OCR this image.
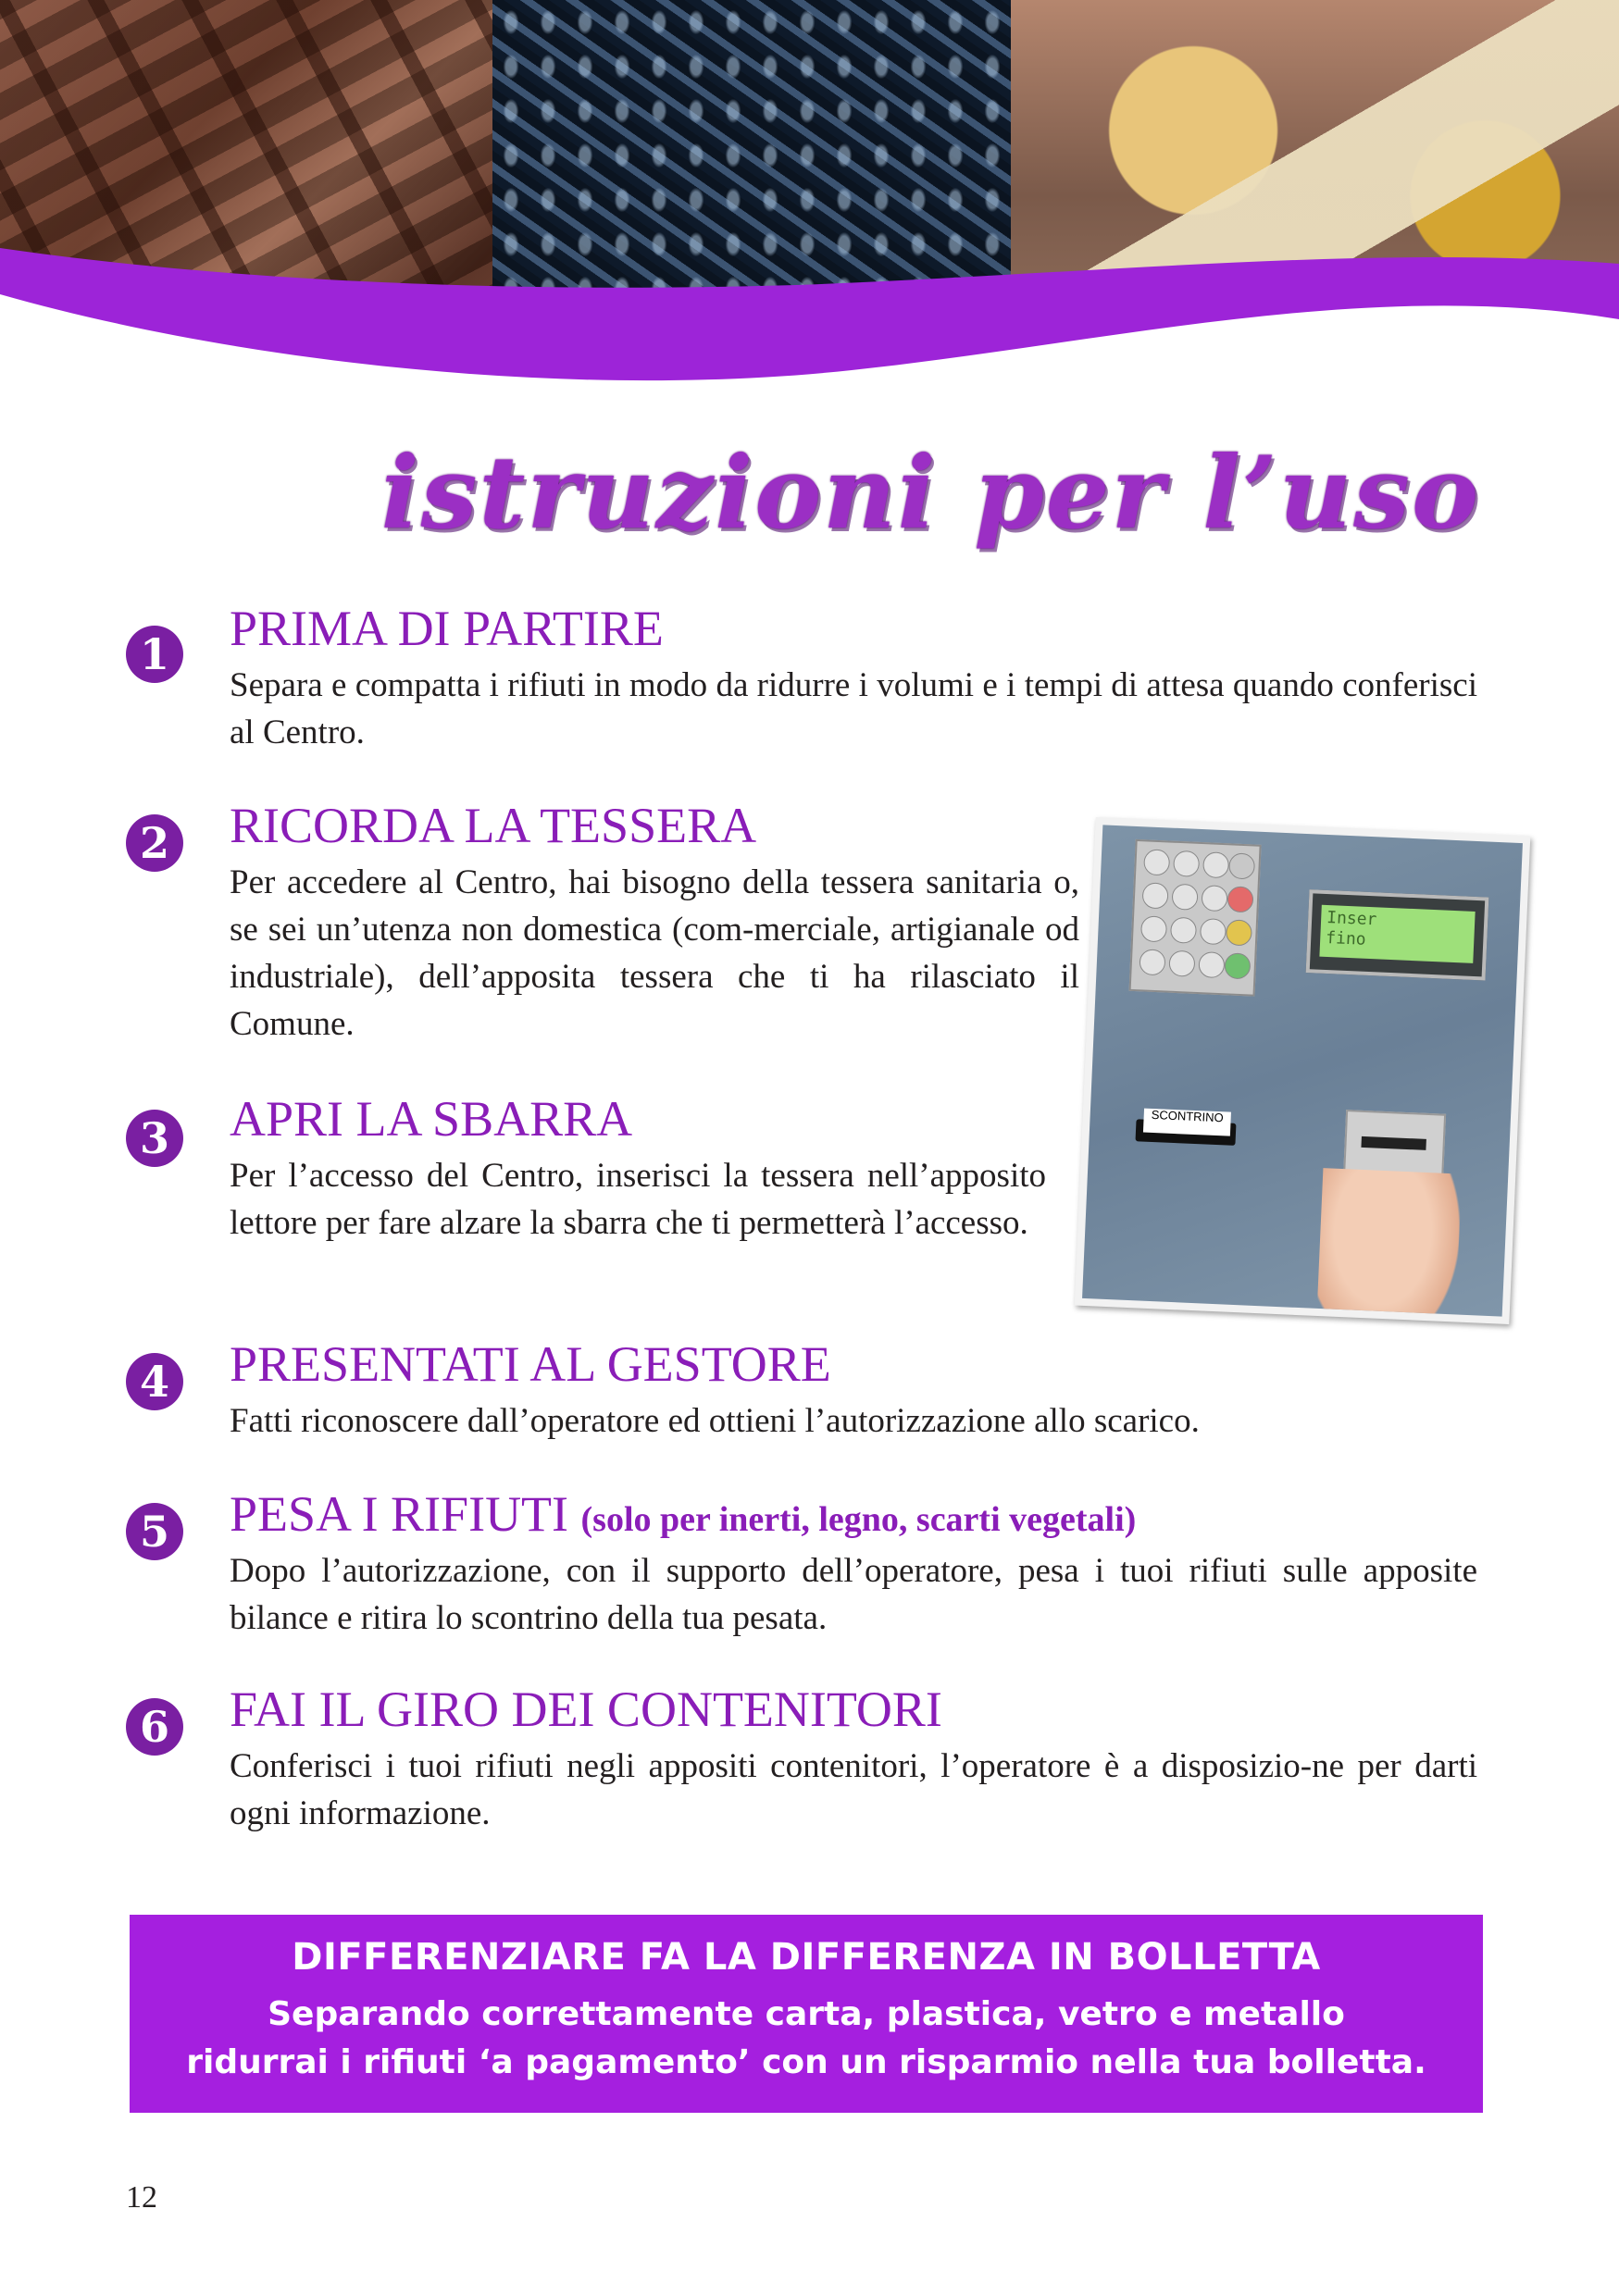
istruzioni per l’uso
1 PRIMA DI PARTIRE
Separa e compatta i rifiuti in modo da ridurre i volumi e i tempi di attesa quando conferisci al Centro.
2 RICORDA LA TESSERA
Per accedere al Centro, hai bisogno della tessera sanitaria o, se sei un’utenza non domestica (com-merciale, artigianale od industriale), dell’apposita tessera che ti ha rilasciato il Comune.
3 APRI LA SBARRA
Per l’accesso del Centro, inserisci la tessera nell’apposito lettore per fare alzare la sbarra che ti permetterà l’accesso.
4 PRESENTATI AL GESTORE
Fatti riconoscere dall’operatore ed ottieni l’autorizzazione allo scarico.
5 PESA I RIFIUTI (solo per inerti, legno, scarti vegetali)
Dopo l’autorizzazione, con il supporto dell’operatore, pesa i tuoi rifiuti sulle apposite bilance e ritira lo scontrino della tua pesata.
6 FAI IL GIRO DEI CONTENITORI
Conferisci i tuoi rifiuti negli appositi contenitori, l’operatore è a disposizio-ne per darti ogni informazione.
Inser
fino
SCONTRINO
DIFFERENZIARE FA LA DIFFERENZA IN BOLLETTA
Separando correttamente carta, plastica, vetro e metallo
ridurrai i rifiuti ‘a pagamento’ con un risparmio nella tua bolletta.
12
